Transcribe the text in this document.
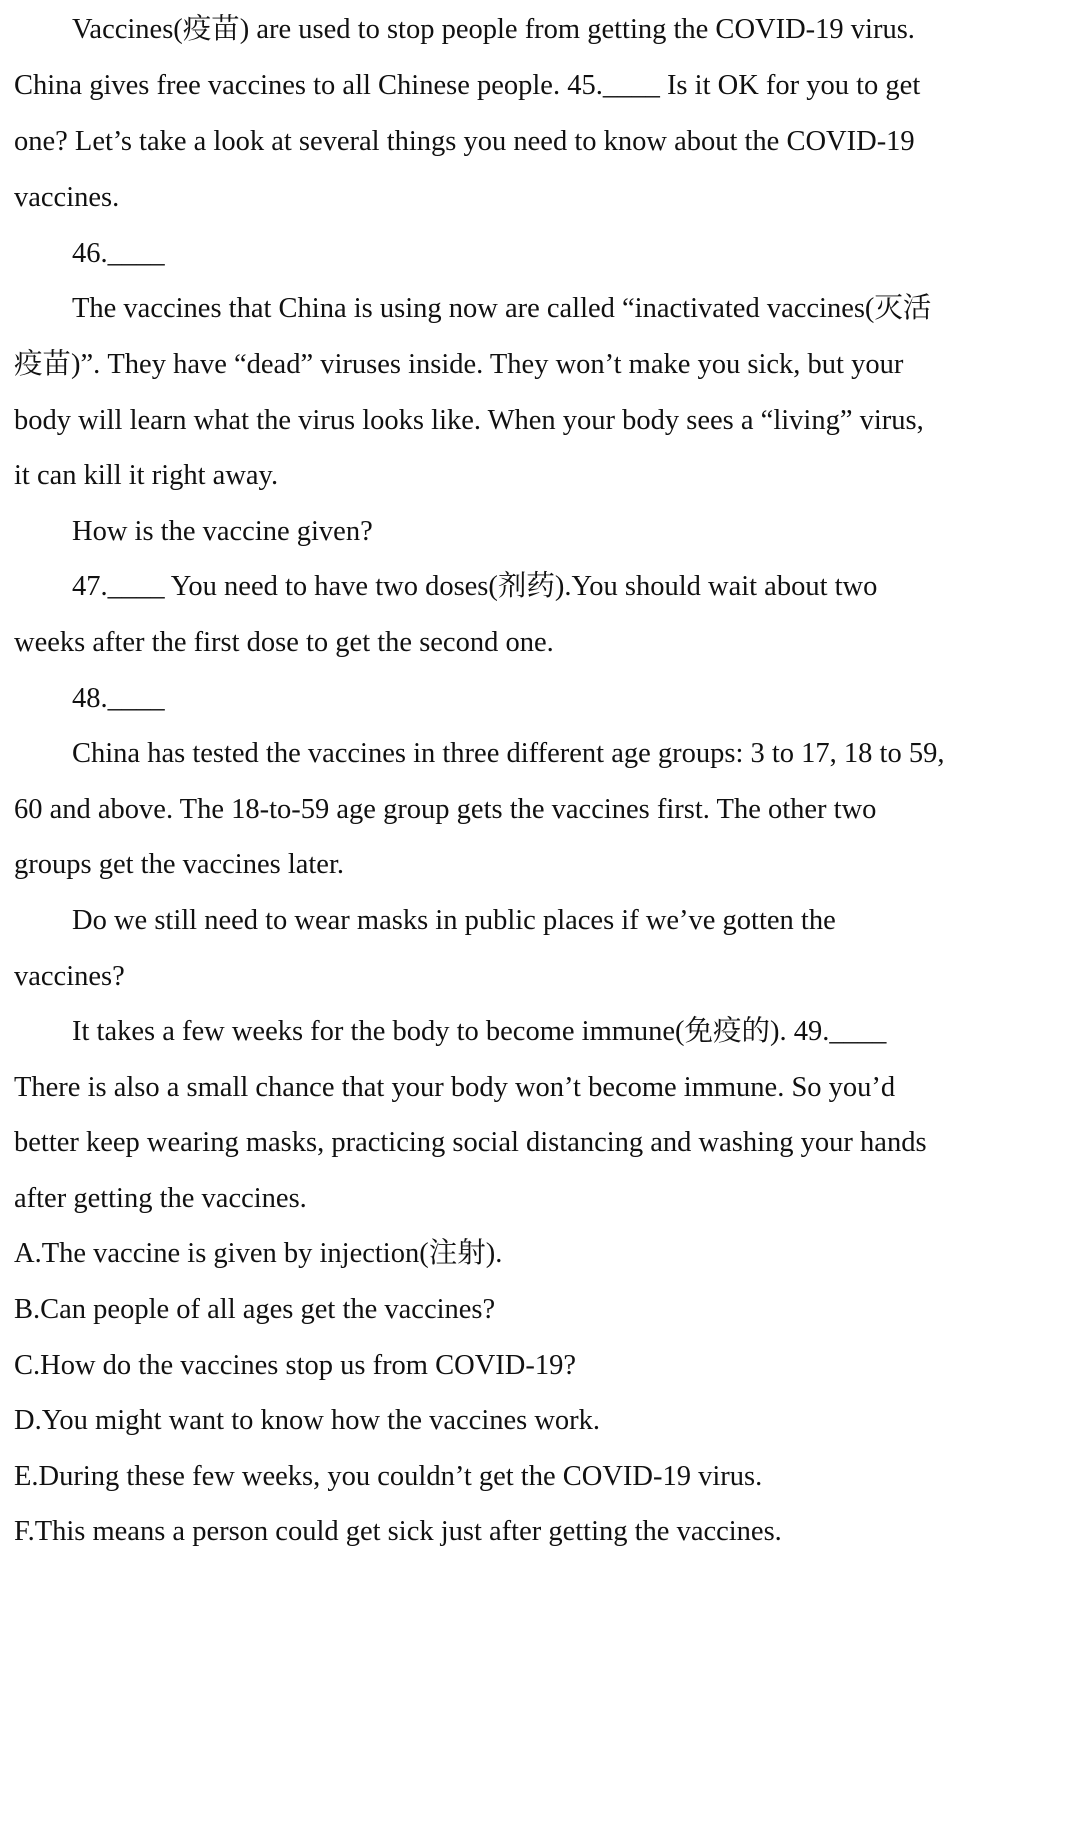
Vaccines(疫苗) are used to stop people from getting the COVID-19 virus.
China gives free vaccines to all Chinese people. 45.____ Is it OK for you to get
one? Let’s take a look at several things you need to know about the COVID-19
vaccines.
46.____
The vaccines that China is using now are called “inactivated vaccines(灭活
疫苗)”. They have “dead” viruses inside. They won’t make you sick, but your
body will learn what the virus looks like. When your body sees a “living” virus,
it can kill it right away.
How is the vaccine given?
47.____ You need to have two doses(剂药).You should wait about two
weeks after the first dose to get the second one.
48.____
China has tested the vaccines in three different age groups: 3 to 17, 18 to 59,
60 and above. The 18-to-59 age group gets the vaccines first. The other two
groups get the vaccines later.
Do we still need to wear masks in public places if we’ve gotten the
vaccines?
It takes a few weeks for the body to become immune(免疫的). 49.____
There is also a small chance that your body won’t become immune. So you’d
better keep wearing masks, practicing social distancing and washing your hands
after getting the vaccines.
A.The vaccine is given by injection(注射).
B.Can people of all ages get the vaccines?
C.How do the vaccines stop us from COVID-19?
D.You might want to know how the vaccines work.
E.During these few weeks, you couldn’t get the COVID-19 virus.
F.This means a person could get sick just after getting the vaccines.
